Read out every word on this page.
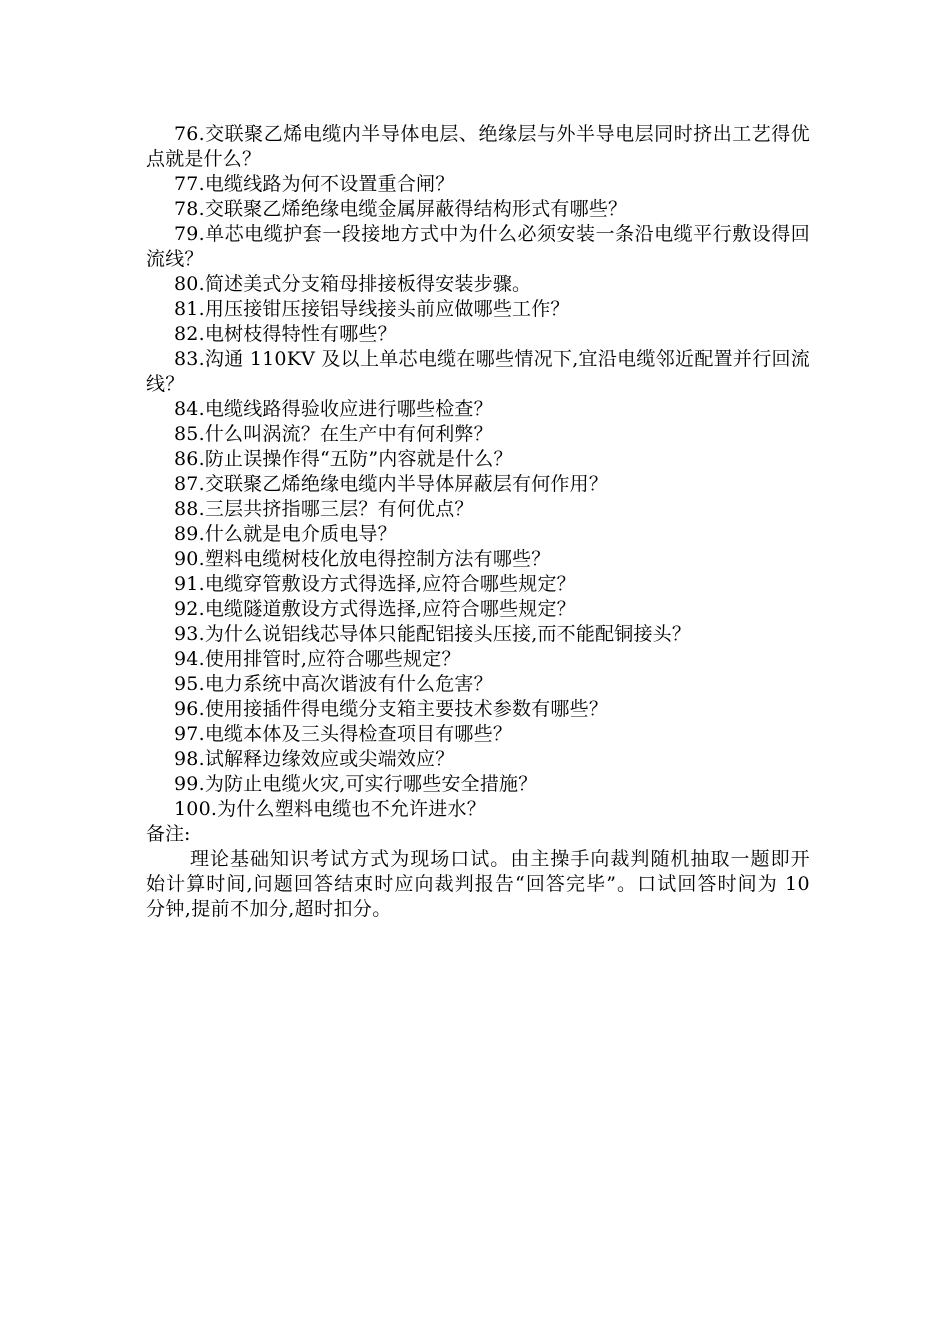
76.交联聚乙烯电缆内半导体电层、绝缘层与外半导电层同时挤出工艺得优点就是什么？

77.电缆线路为何不设置重合闸？

78.交联聚乙烯绝缘电缆金属屏蔽得结构形式有哪些？

79.单芯电缆护套一段接地方式中为什么必须安装一条沿电缆平行敷设得回流线？

80.简述美式分支箱母排接板得安装步骤。

81.用压接钳压接铝导线接头前应做哪些工作？

82.电树枝得特性有哪些？

83.沟通 110KV 及以上单芯电缆在哪些情况下,宜沿电缆邻近配置并行回流线？

84.电缆线路得验收应进行哪些检查？

85.什么叫涡流？在生产中有何利弊？

86.防止误操作得“五防”内容就是什么？

87.交联聚乙烯绝缘电缆内半导体屏蔽层有何作用？

88.三层共挤指哪三层？有何优点？

89.什么就是电介质电导？

90.塑料电缆树枝化放电得控制方法有哪些？

91.电缆穿管敷设方式得选择,应符合哪些规定？

92.电缆隧道敷设方式得选择,应符合哪些规定？

93.为什么说铝线芯导体只能配铝接头压接,而不能配铜接头？

94.使用排管时,应符合哪些规定？

95.电力系统中高次谐波有什么危害？

96.使用接插件得电缆分支箱主要技术参数有哪些？

97.电缆本体及三头得检查项目有哪些？

98.试解释边缘效应或尖端效应？

99.为防止电缆火灾,可实行哪些安全措施？

100.为什么塑料电缆也不允许进水？

备注:

理论基础知识考试方式为现场口试。由主操手向裁判随机抽取一题即开始计算时间,问题回答结束时应向裁判报告“回答完毕”。口试回答时间为 10 分钟,提前不加分,超时扣分。
